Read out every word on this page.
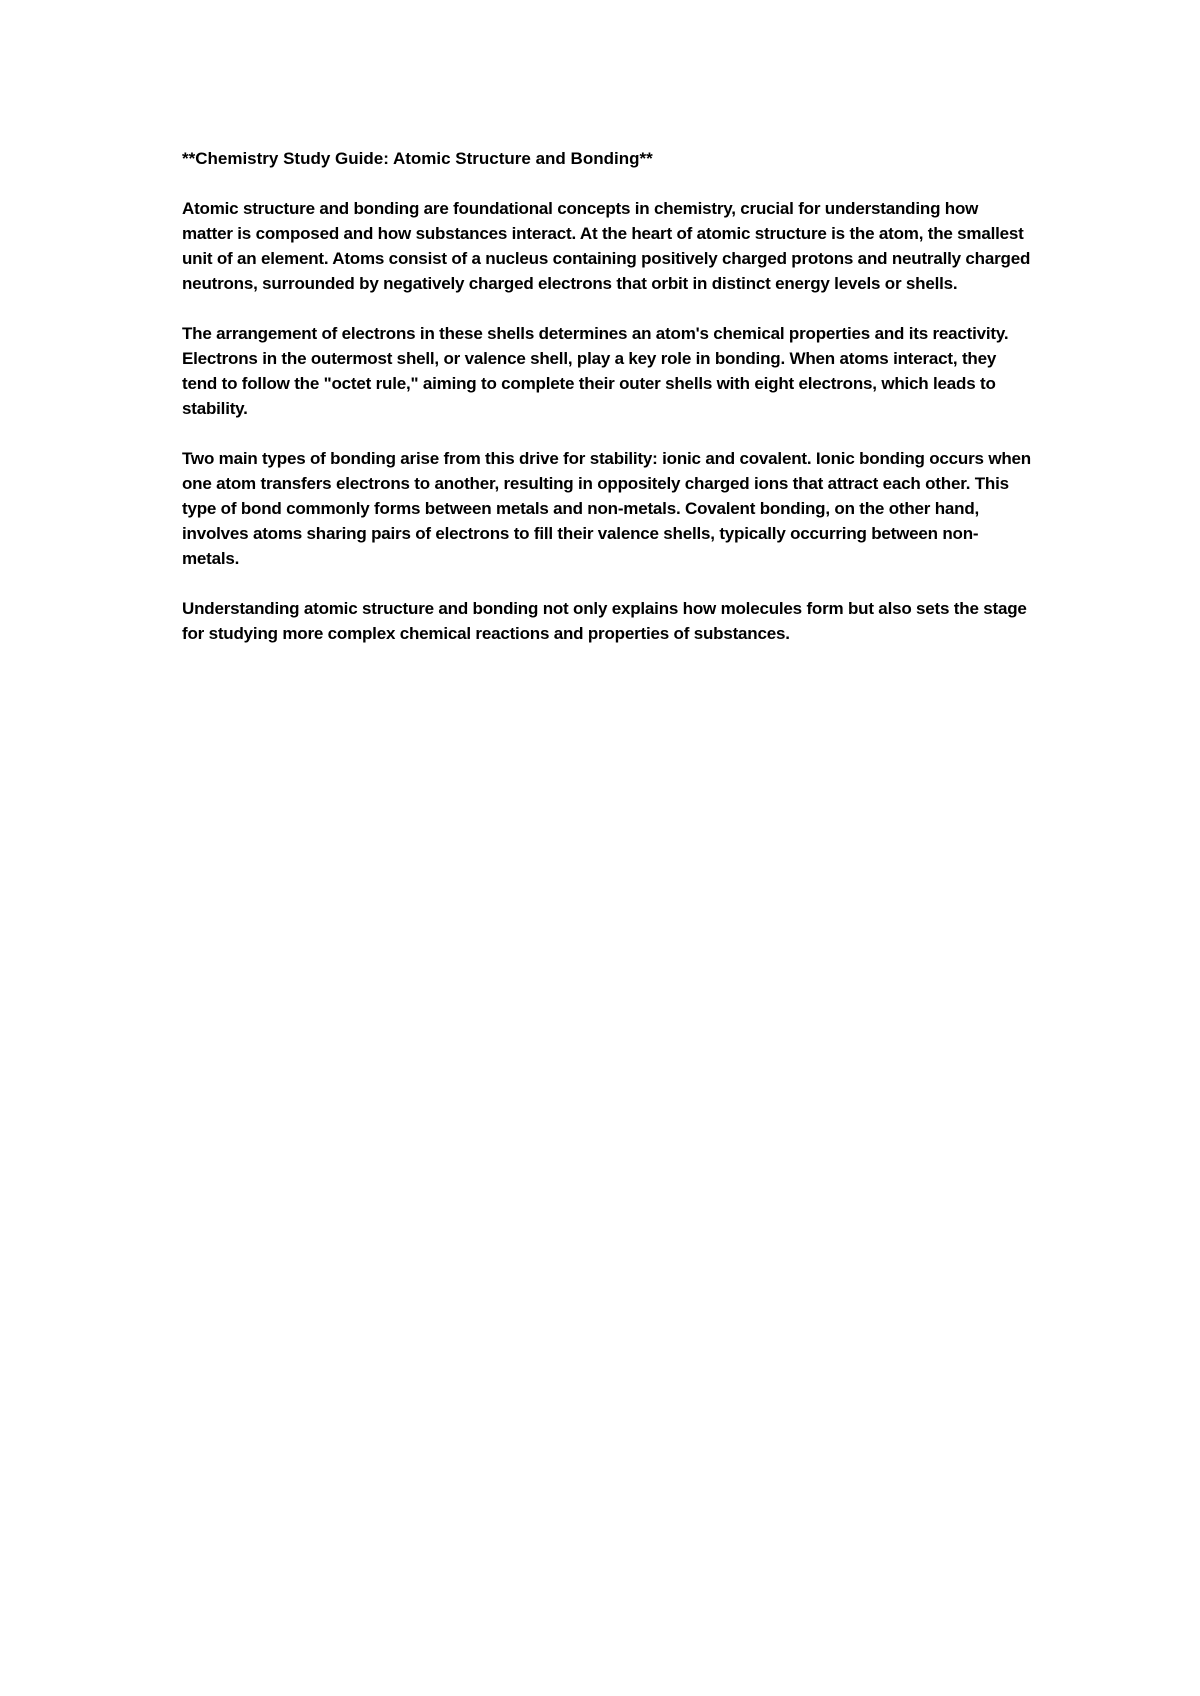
**Chemistry Study Guide: Atomic Structure and Bonding**

Atomic structure and bonding are foundational concepts in chemistry, crucial for understanding how matter is composed and how substances interact. At the heart of atomic structure is the atom, the smallest unit of an element. Atoms consist of a nucleus containing positively charged protons and neutrally charged neutrons, surrounded by negatively charged electrons that orbit in distinct energy levels or shells.

The arrangement of electrons in these shells determines an atom's chemical properties and its reactivity. Electrons in the outermost shell, or valence shell, play a key role in bonding. When atoms interact, they tend to follow the "octet rule," aiming to complete their outer shells with eight electrons, which leads to stability.

Two main types of bonding arise from this drive for stability: ionic and covalent. Ionic bonding occurs when one atom transfers electrons to another, resulting in oppositely charged ions that attract each other. This type of bond commonly forms between metals and non-metals. Covalent bonding, on the other hand, involves atoms sharing pairs of electrons to fill their valence shells, typically occurring between non-metals.

Understanding atomic structure and bonding not only explains how molecules form but also sets the stage for studying more complex chemical reactions and properties of substances.
